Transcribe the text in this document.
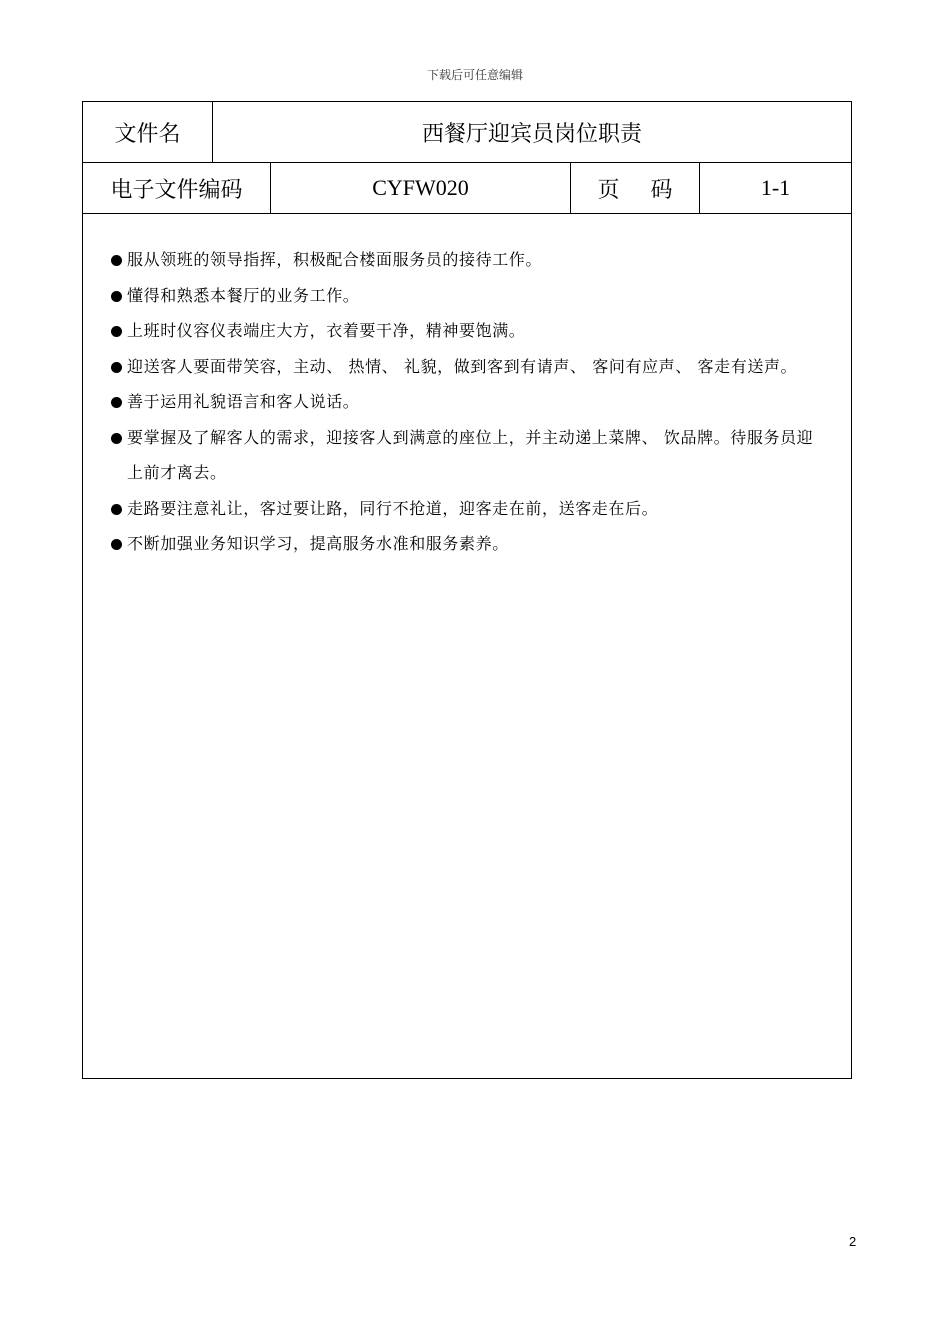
下载后可任意编辑
文件名	西餐厅迎宾员岗位职责
电子文件编码	CYFW020	页 码	1-1
服从领班的领导指挥，积极配合楼面服务员的接待工作。
懂得和熟悉本餐厅的业务工作。
上班时仪容仪表端庄大方，衣着要干净，精神要饱满。
迎送客人要面带笑容，主动、 热情、 礼貌，做到客到有请声、 客问有应声、 客走有送声。
善于运用礼貌语言和客人说话。
要掌握及了解客人的需求，迎接客人到满意的座位上，并主动递上菜牌、 饮品牌。待服务员迎上前才离去。
走路要注意礼让，客过要让路，同行不抢道，迎客走在前，送客走在后。
不断加强业务知识学习，提高服务水准和服务素养。
2
